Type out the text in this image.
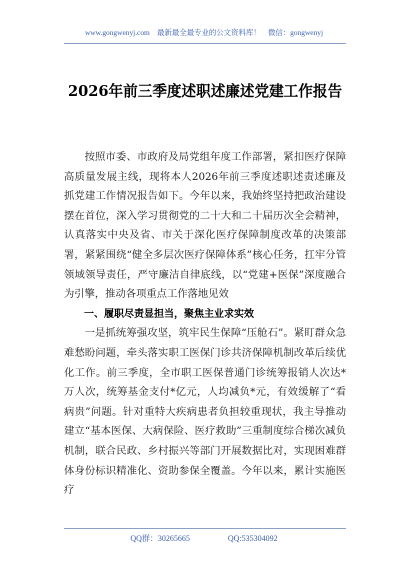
www.gongwenyj.com　最新最全最专业的公文资料库！　微信：gongwenyj
2026年前三季度述职述廉述党建工作报告

按照市委、市政府及局党组年度工作部署，紧扣医疗保障高质量发展主线，现将本人2026年前三季度述职述责述廉及抓党建工作情况报告如下。今年以来，我始终坚持把政治建设摆在首位，深入学习贯彻党的二十大和二十届历次全会精神，认真落实中央及省、市关于深化医疗保障制度改革的决策部署，紧紧围绕“健全多层次医疗保障体系”核心任务，扛牢分管领域领导责任，严守廉洁自律底线，以“党建+医保”深度融合为引擎，推动各项重点工作落地见效

一、履职尽责显担当，聚焦主业求实效

一是抓统筹强攻坚，筑牢民生保障“压舱石”。紧盯群众急难愁盼问题，牵头落实职工医保门诊共济保障机制改革后续优化工作。前三季度，全市职工医保普通门诊统筹报销人次达*万人次，统筹基金支付*亿元，人均减负*元，有效缓解了“看病贵”问题。针对重特大疾病患者负担较重现状，我主导推动建立“基本医保、大病保险、医疗救助”三重制度综合梯次减负机制，联合民政、乡村振兴等部门开展数据比对，实现困难群体身份标识精准化、资助参保全覆盖。今年以来，累计实施医疗

QQ群：30265665	QQ:535304092
